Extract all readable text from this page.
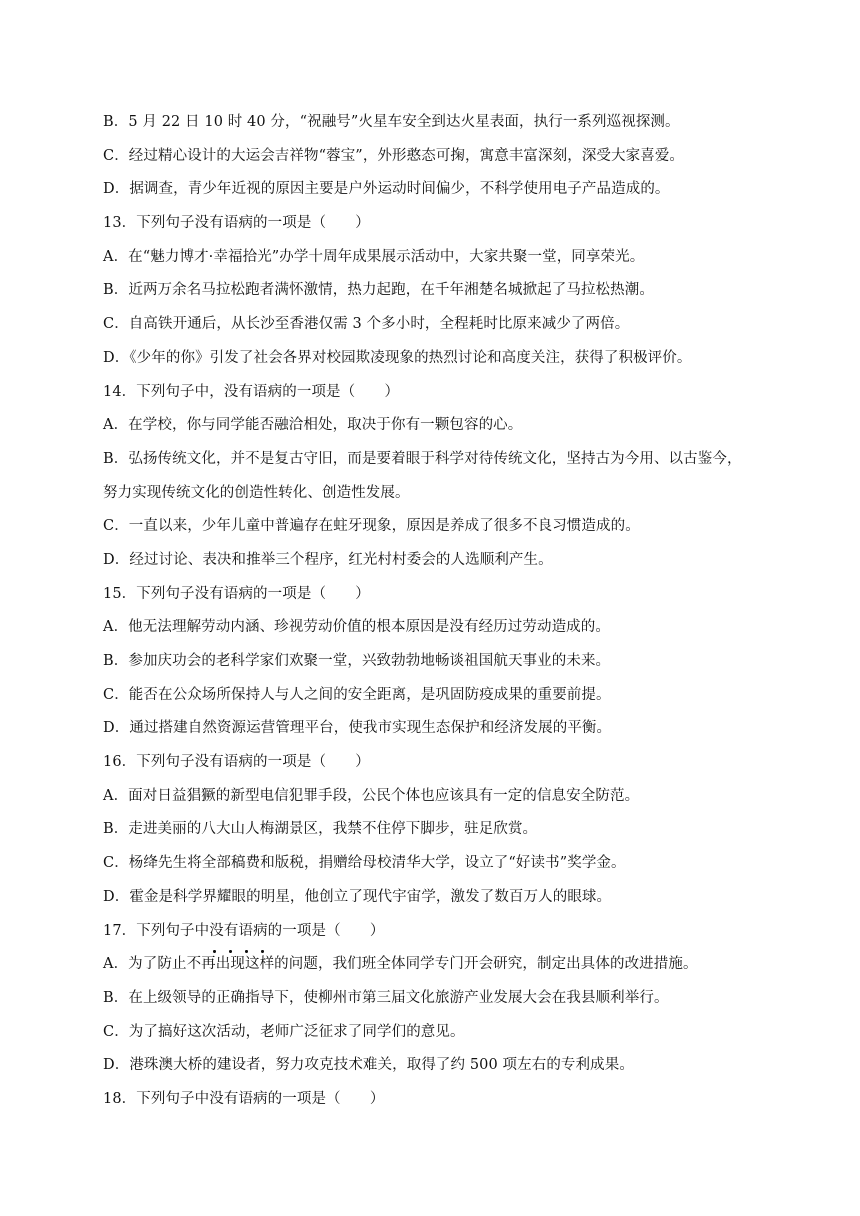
B．5 月 22 日 10 时 40 分，“祝融号”火星车安全到达火星表面，执行一系列巡视探测。
C．经过精心设计的大运会吉祥物“蓉宝”，外形憨态可掬，寓意丰富深刻，深受大家喜爱。
D．据调查，青少年近视的原因主要是户外运动时间偏少，不科学使用电子产品造成的。
13．下列句子没有语病的一项是（　　）
A．在“魅力博才·幸福拾光”办学十周年成果展示活动中，大家共聚一堂，同享荣光。
B．近两万余名马拉松跑者满怀激情，热力起跑，在千年湘楚名城掀起了马拉松热潮。
C．自高铁开通后，从长沙至香港仅需 3 个多小时，全程耗时比原来减少了两倍。
D．《少年的你》引发了社会各界对校园欺凌现象的热烈讨论和高度关注，获得了积极评价。
14．下列句子中，没有语病的一项是（　　）
A．在学校，你与同学能否融洽相处，取决于你有一颗包容的心。
B．弘扬传统文化，并不是复古守旧，而是要着眼于科学对待传统文化，坚持古为今用、以古鉴今，
努力实现传统文化的创造性转化、创造性发展。
C．一直以来，少年儿童中普遍存在蛀牙现象，原因是养成了很多不良习惯造成的。
D．经过讨论、表决和推举三个程序，红光村村委会的人选顺利产生。
15．下列句子没有语病的一项是（　　）
A．他无法理解劳动内涵、珍视劳动价值的根本原因是没有经历过劳动造成的。
B．参加庆功会的老科学家们欢聚一堂，兴致勃勃地畅谈祖国航天事业的未来。
C．能否在公众场所保持人与人之间的安全距离，是巩固防疫成果的重要前提。
D．通过搭建自然资源运营管理平台，使我市实现生态保护和经济发展的平衡。
16．下列句子没有语病的一项是（　　）
A．面对日益猖獗的新型电信犯罪手段，公民个体也应该具有一定的信息安全防范。
B．走进美丽的八大山人梅湖景区，我禁不住停下脚步，驻足欣赏。
C．杨绛先生将全部稿费和版税，捐赠给母校清华大学，设立了“好读书”奖学金。
D．霍金是科学界耀眼的明星，他创立了现代宇宙学，激发了数百万人的眼球。
17．下列句子中没有语病
的一项是（　　）
A．为了防止不再出现这样的问题，我们班全体同学专门开会研究，制定出具体的改进措施。
B．在上级领导的正确指导下，使柳州市第三届文化旅游产业发展大会在我县顺利举行。
C．为了搞好这次活动，老师广泛征求了同学们的意见。
D．港珠澳大桥的建设者，努力攻克技术难关，取得了约 500 项左右的专利成果。
18．下列句子中没有语病的一项是（　　）
